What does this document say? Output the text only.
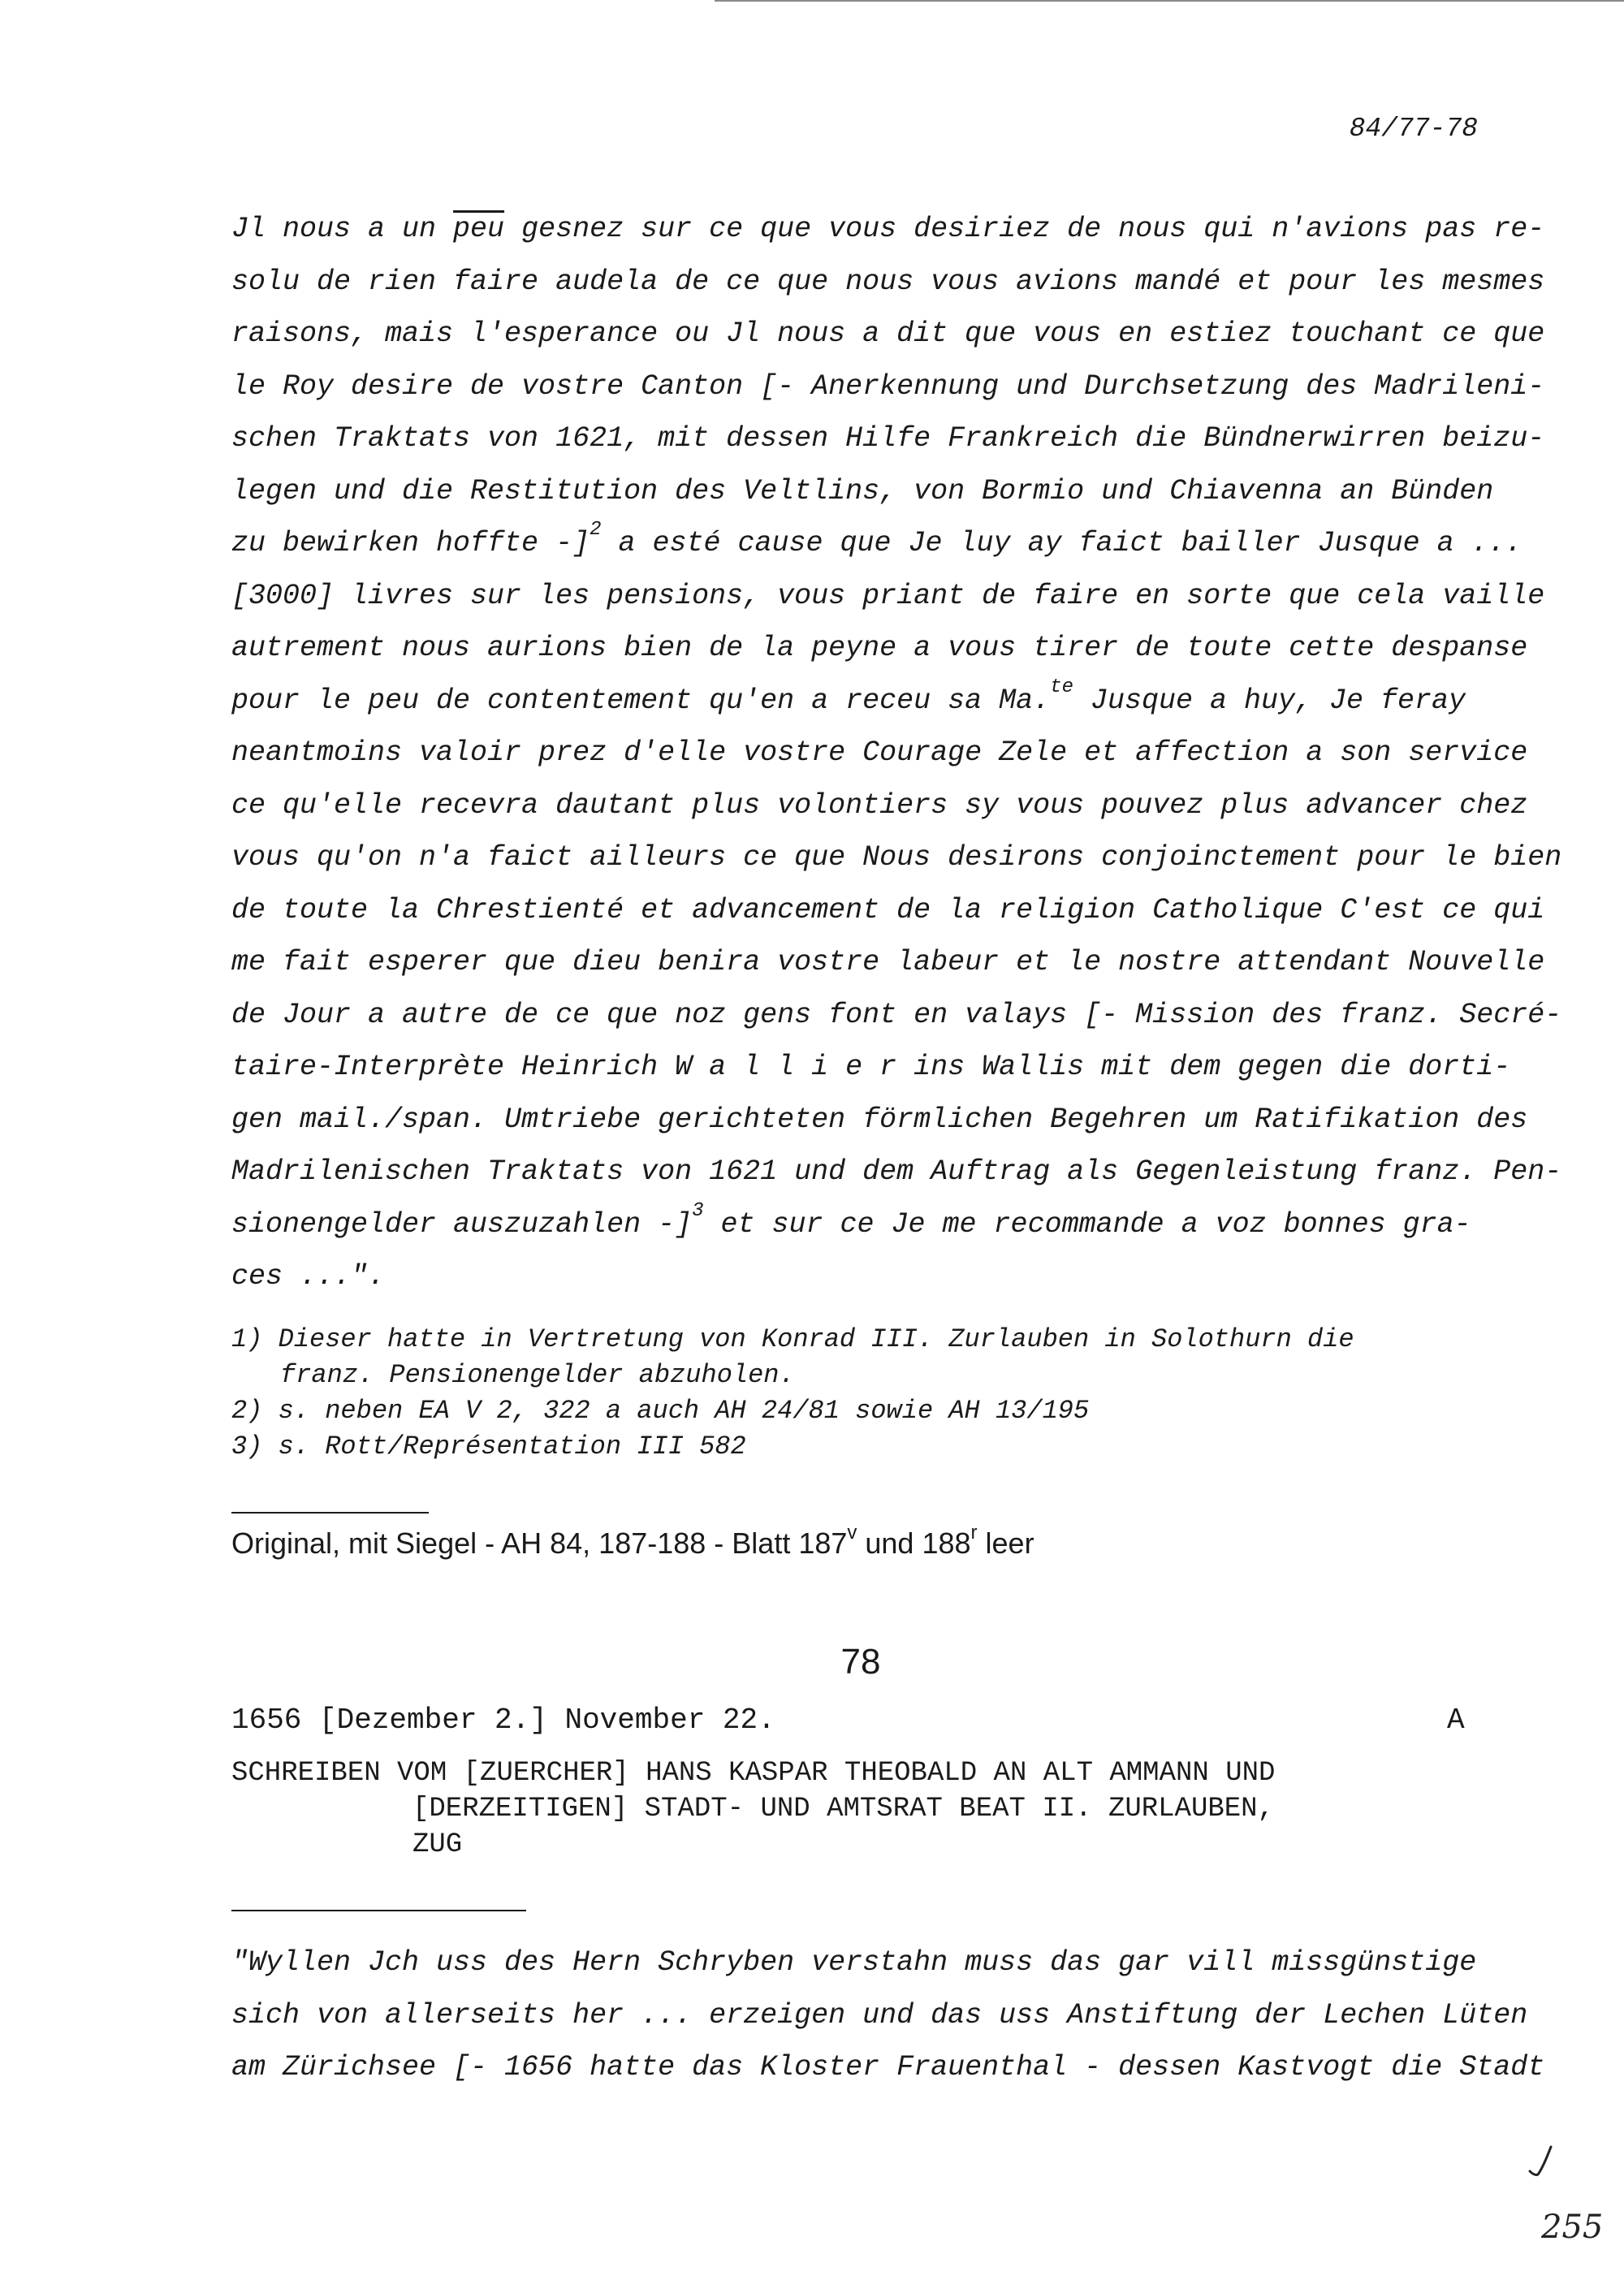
84/77-78
Jl nous a un $\overline{peu}$ gesnez sur ce que vous desiriez de nous qui n'avions pas re-
solu de rien faire audela de ce que nous vous avions mandé et pour les mesmes
raisons, mais l'esperance ou Jl nous a dit que vous en estiez touchant ce que
le Roy desire de vostre Canton [- Anerkennung und Durchsetzung des Madrileni-
schen Traktats von 1621, mit dessen Hilfe Frankreich die Bündnerwirren beizu-
legen und die Restitution des Veltlins, von Bormio und Chiavenna an Bünden
zu bewirken hoffte -]$^2$ a esté cause que Je luy ay faict bailler Jusque a ...
[3000] livres sur les pensions, vous priant de faire en sorte que cela vaille
autrement nous aurions bien de la peyne a vous tirer de toute cette despanse
pour le peu de contentement qu'en a receu sa Ma.$^{te}$ Jusque a huy, Je feray
neantmoins valoir prez d'elle vostre Courage Zele et affection a son service
ce qu'elle recevra dautant plus volontiers sy vous pouvez plus advancer chez
vous qu'on n'a faict ailleurs ce que Nous desirons conjoinctement pour le bien
de toute la Chrestienté et advancement de la religion Catholique C'est ce qui
me fait esperer que dieu benira vostre labeur et le nostre attendant Nouvelle
de Jour a autre de ce que noz gens font en valays [- Mission des franz. Secré-
taire-Interprète Heinrich W a l l i e r ins Wallis mit dem gegen die dorti-
gen mail./span. Umtriebe gerichteten förmlichen Begehren um Ratifikation des
Madrilenischen Traktats von 1621 und dem Auftrag als Gegenleistung franz. Pen-
sionengelder auszuzahlen -]$^3$ et sur ce Je me recommande a voz bonnes gra-
ces ...".
1) Dieser hatte in Vertretung von Konrad III. Zurlauben in Solothurn die
franz. Pensionengelder abzuholen.
2) s. neben EA V 2, 322 a auch AH 24/81 sowie AH 13/195
3) s. Rott/Représentation III 582
Original, mit Siegel - AH 84, 187-188 - Blatt 187$^v$ und 188$^r$ leer
78
1656 [Dezember 2.] November 22.	A
SCHREIBEN VOM [ZUERCHER] HANS KASPAR THEOBALD AN ALT AMMANN UND
[DERZEITIGEN] STADT- UND AMTSRAT BEAT II. ZURLAUBEN,
ZUG
"Wyllen Jch uss des Hern Schryben verstahn muss das gar vill missgünstige
sich von allerseits her ... erzeigen und das uss Anstiftung der Lechen Lüten
am Zürichsee [- 1656 hatte das Kloster Frauenthal - dessen Kastvogt die Stadt
255
